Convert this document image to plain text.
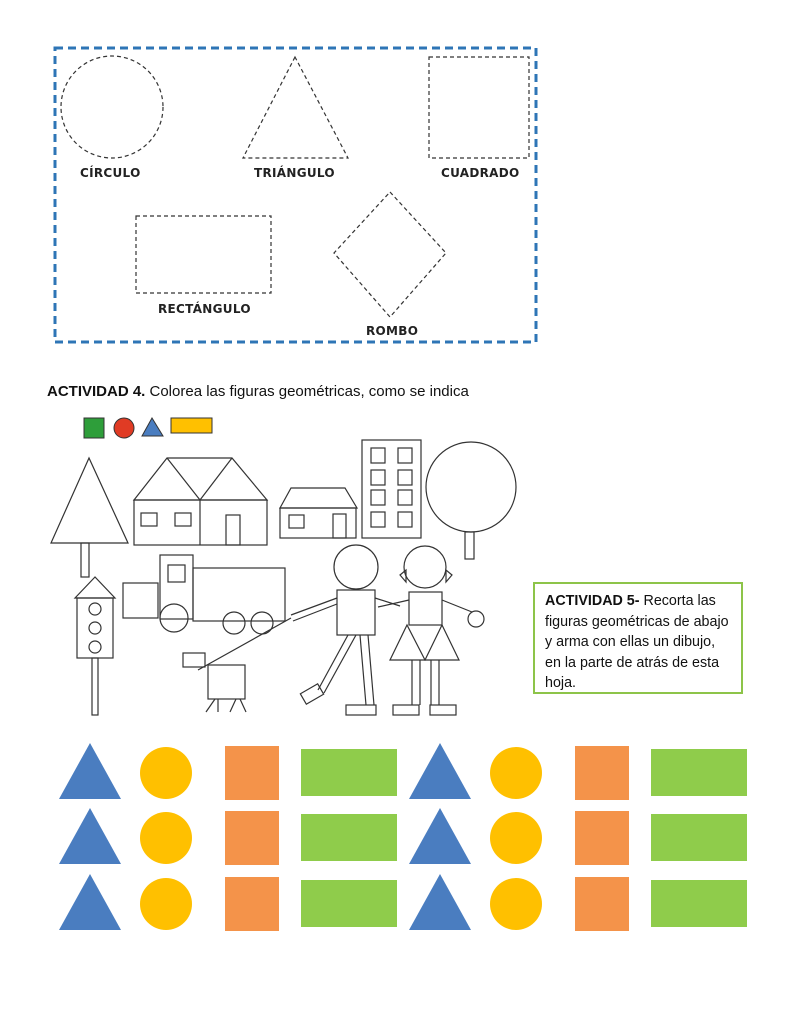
CÍRCULO	TRIÁNGULO	CUADRADO
RECTÁNGULO
ROMBO
ACTIVIDAD 4. Colorea las figuras geométricas, como se indica
ACTIVIDAD 5- Recorta las figuras geométricas de abajo y arma con ellas un dibujo, en la parte de atrás de esta hoja.
